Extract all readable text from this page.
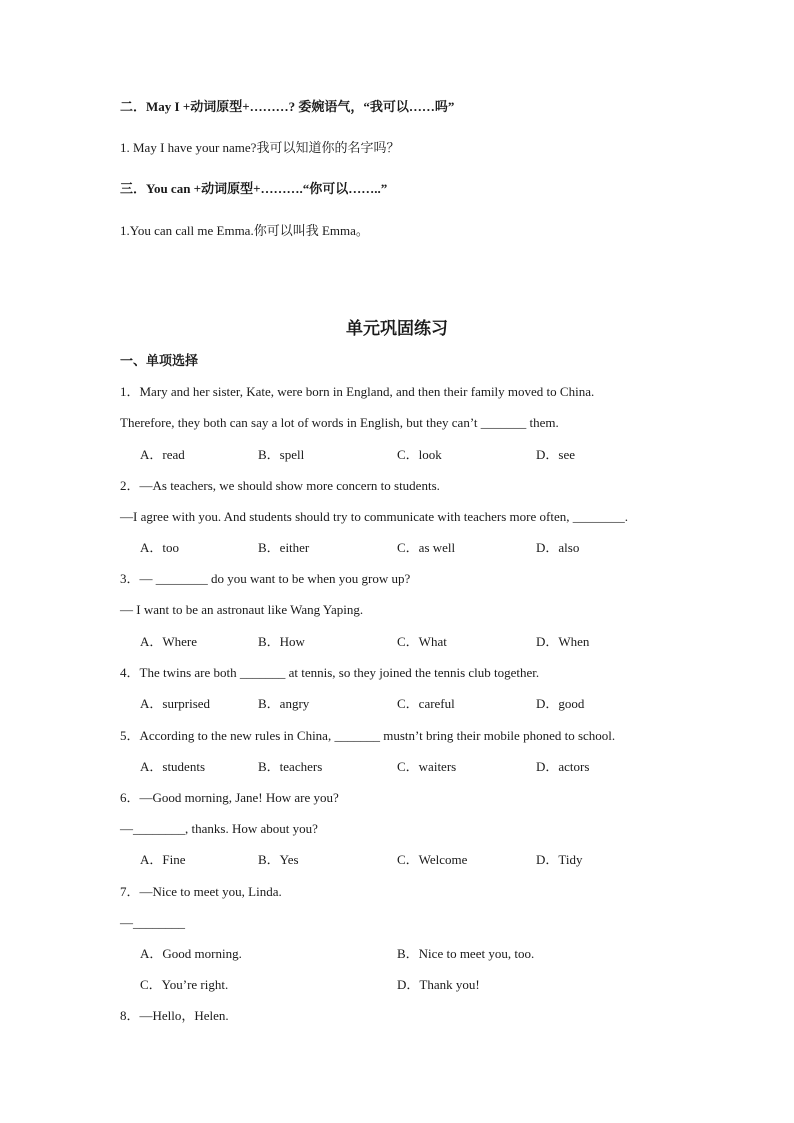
二．May I +动词原型+………? 委婉语气，“我可以……吗”
1. May I have your name?我可以知道你的名字吗？
三．You can +动词原型+……….“你可以……..”
1.You can call me Emma.你可以叫我 Emma。
单元巩固练习
一、单项选择
1．Mary and her sister, Kate, were born in England, and then their family moved to China.
Therefore, they both can say a lot of words in English, but they can’t _______ them.
A．read	B．spell	C．look	D．see
2．—As teachers, we should show more concern to students.
—I agree with you. And students should try to communicate with teachers more often, ________.
A．too	B．either	C．as well	D．also
3．— ________ do you want to be when you grow up?
— I want to be an astronaut like Wang Yaping.
A．Where	B．How	C．What	D．When
4．The twins are both _______ at tennis, so they joined the tennis club together.
A．surprised	B．angry	C．careful	D．good
5．According to the new rules in China, _______ mustn’t bring their mobile phoned to school.
A．students	B．teachers	C．waiters	D．actors
6．—Good morning, Jane! How are you?
—________, thanks. How about you?
A．Fine	B．Yes	C．Welcome	D．Tidy
7．—Nice to meet you, Linda.
—________
A．Good morning.	B．Nice to meet you, too.
C．You’re right.	D．Thank you!
8．—Hello，Helen.
